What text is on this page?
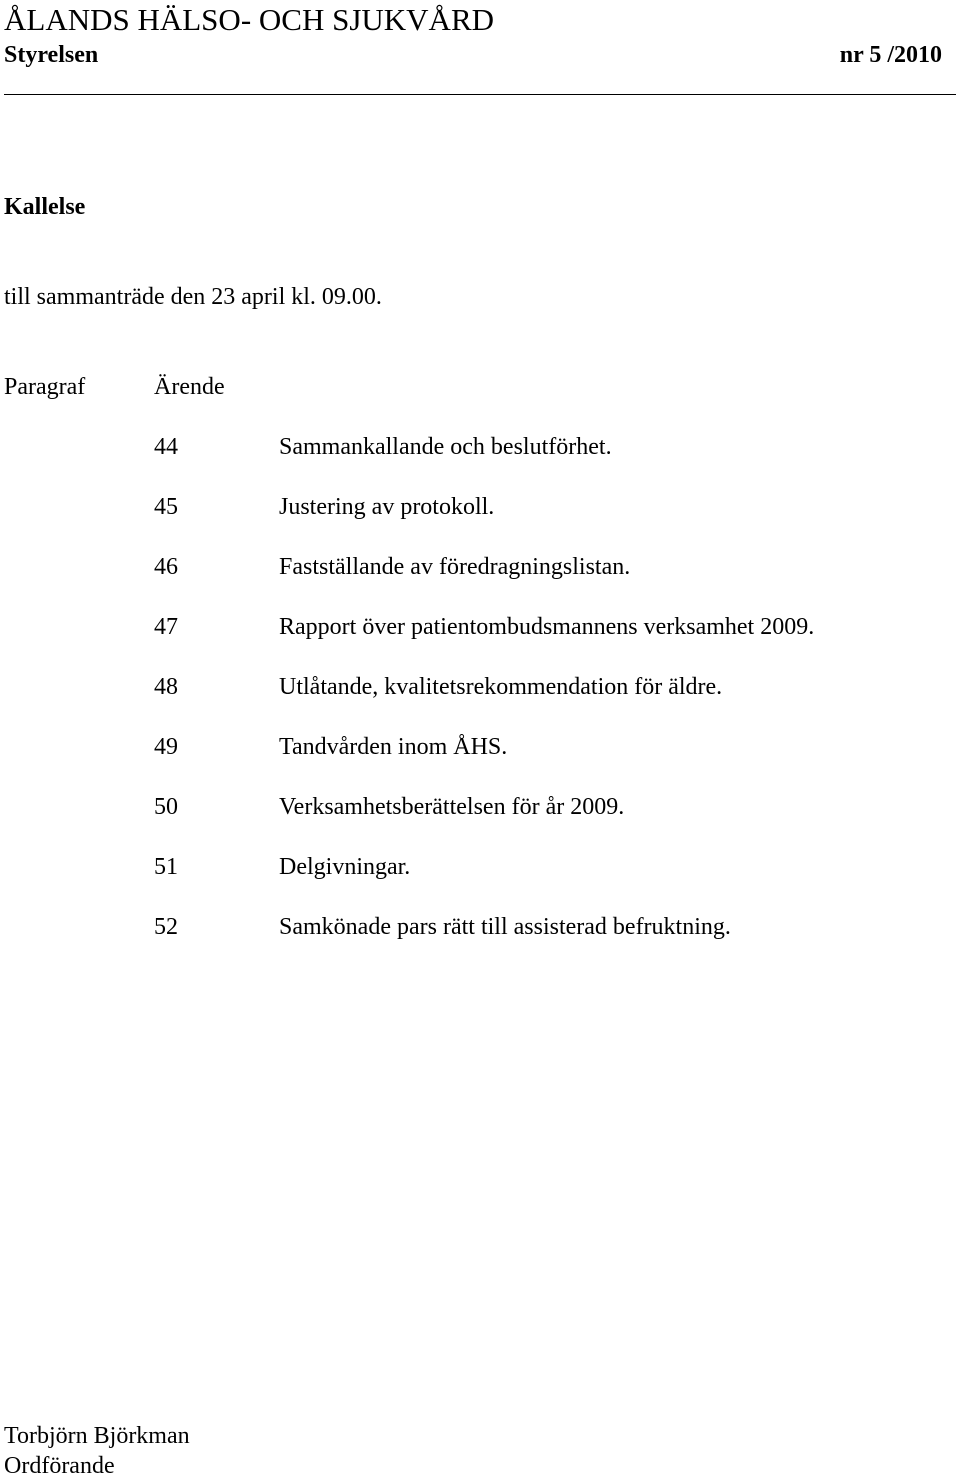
ÅLANDS HÄLSO- OCH SJUKVÅRD
Styrelsen	nr 5 /2010
Kallelse
till sammanträde den 23 april kl. 09.00.
Paragraf	Ärende
44	Sammankallande och beslutförhet.
45	Justering av protokoll.
46	Fastställande av föredragningslistan.
47	Rapport över patientombudsmannens verksamhet 2009.
48	Utlåtande, kvalitetsrekommendation för äldre.
49	Tandvården inom ÅHS.
50	Verksamhetsberättelsen för år 2009.
51	Delgivningar.
52	Samkönade pars rätt till assisterad befruktning.
Torbjörn Björkman
Ordförande
